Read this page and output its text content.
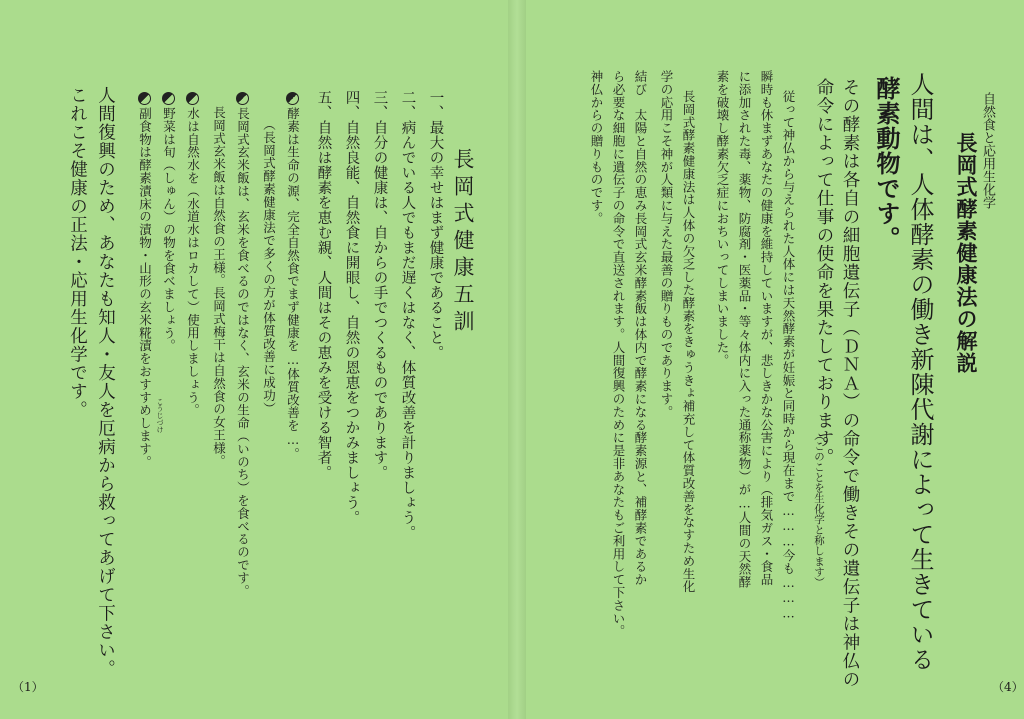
自然食と応用生化学
長岡式酵素健康法の解説
人間は、人体酵素の働き新陳代謝によって生きている
酵素動物です。
その酵素は各自の細胞遺伝子（ＤＮＡ）の命令で働きその遺伝子は神仏の
命令によって仕事の使命を果たしております。
（このことを生化学と称します）
従って神仏から与えられた人体には天然酵素が妊娠と同時から現在まで………今も………
瞬時も休まずあなたの健康を維持していますが、悲しきかな公害により（排気ガス・食品
に添加された毒、薬物、防腐剤・医薬品・等々体内に入った通称薬物）が…人間の天然酵
素を破壊し酵素欠乏症におちいってしまいました。
長岡式酵素健康法は人体の欠乏した酵素をきゅうきょ補充して体質改善をなすため生化
学の応用こそ神が人類に与えた最善の贈りものであります。
結び　太陽と自然の恵み長岡式玄米酵素飯は体内で酵素になる酵素源と、補酵素であるか
ら必要な細胞に遺伝子の命令で直送されます。人間復興のために是非あなたもご利用して下さい。
神仏からの贈りものです。
（4）
長岡式健康五訓
一、最大の幸せはまず健康であること。
二、病んでいる人でもまだ遅くはなく、体質改善を計りましょう。
三、自分の健康は、自からの手でつくるものであります。
四、自然良能、自然食に開眼し、自然の恩恵をつかみましょう。
五、自然は酵素を恵む親、人間はその恵みを受ける智者。
酵素は生命の源、完全自然食でまず健康を…体質改善を…。
（長岡式酵素健康法で多くの方が体質改善に成功）
長岡式玄米飯は、玄米を食べるのではなく、玄米の生命（いのち）を食べるのです。
長岡式玄米飯は自然食の王様。長岡式梅干は自然食の女王様。
水は自然水を（水道水はロカして）使用しましょう。
野菜は旬（しゅん）の物を食べましょう。
こうじづけ
副食物は酵素漬床の漬物・山形の玄米糀漬をおすすめします。
人間復興のため、あなたも知人・友人を厄病から救ってあげて下さい。
これこそ健康の正法・応用生化学です。
（1）
